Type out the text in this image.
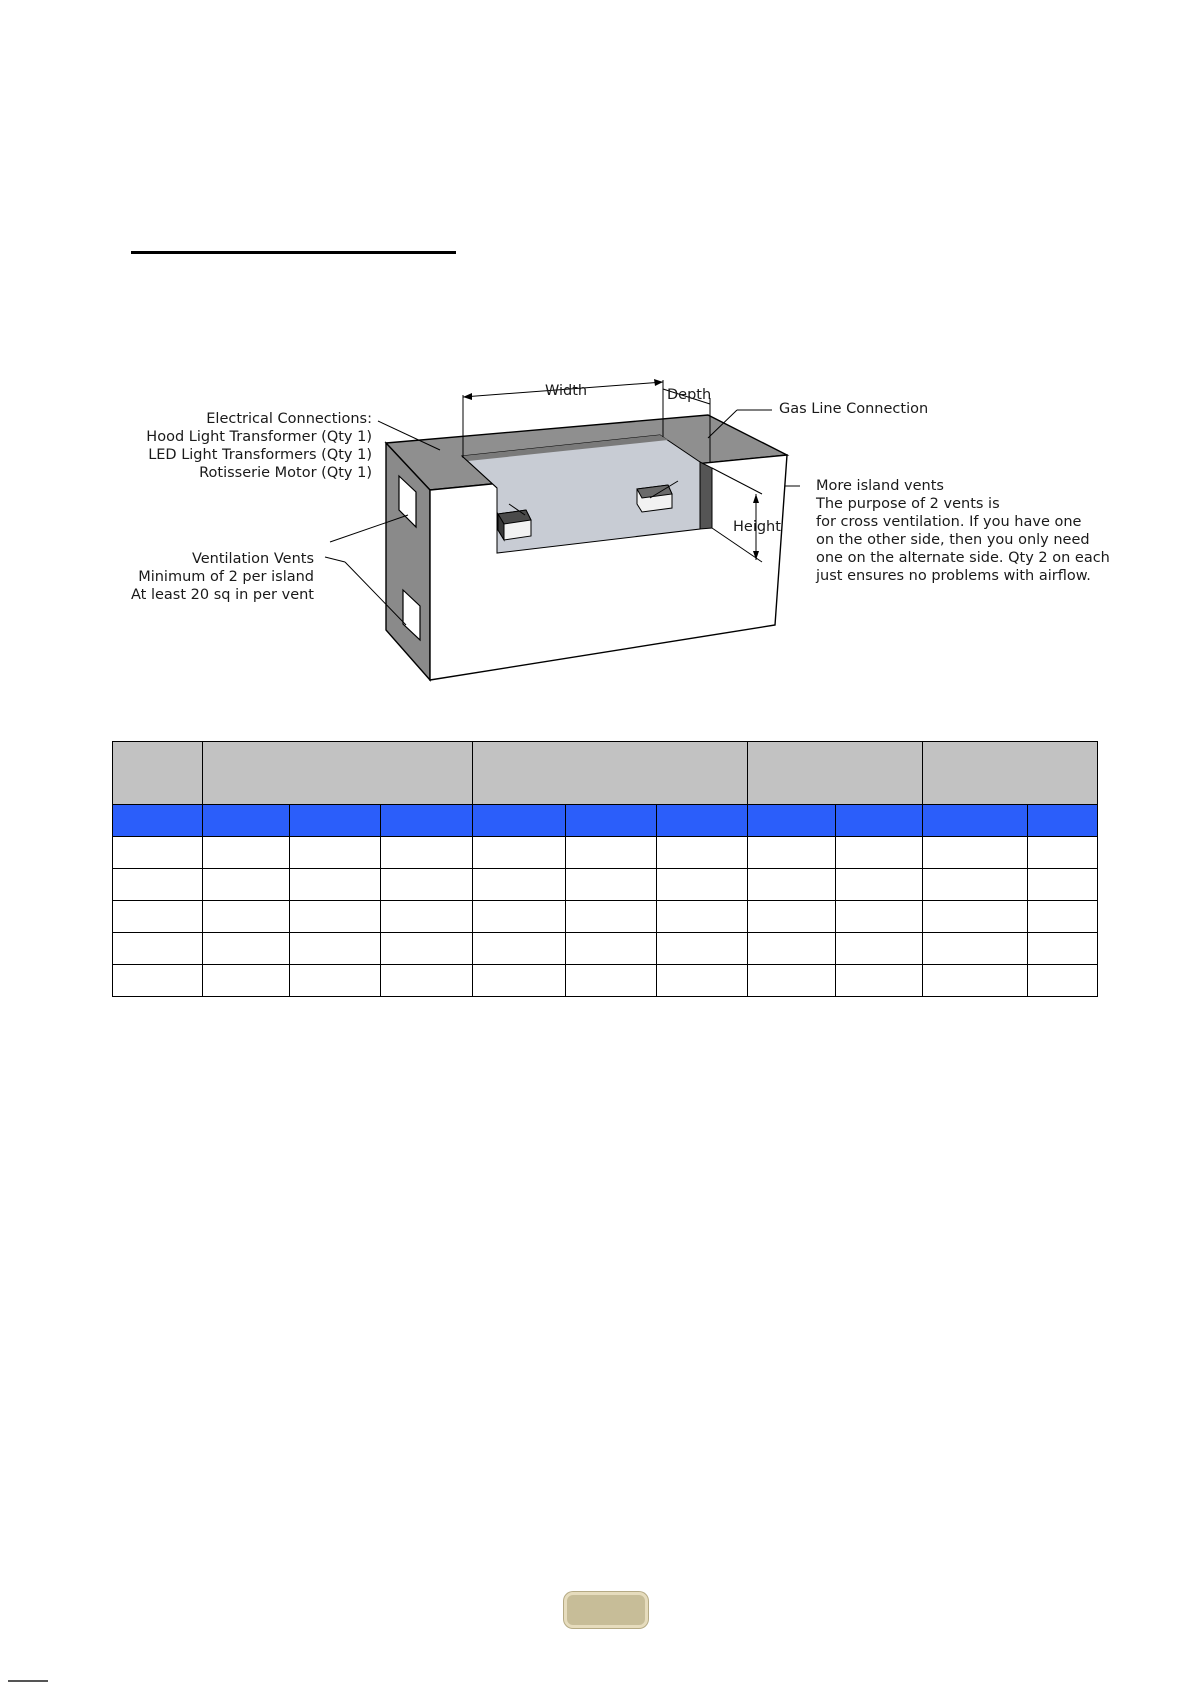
Width	Depth
Height
Gas Line Connection
Electrical Connections:
Hood Light Transformer (Qty 1)
LED Light Transformers (Qty 1)
Rotisserie Motor (Qty 1)
Ventilation Vents
Minimum of 2 per island
At least 20 sq in per vent
More island vents
The purpose of 2 vents is
for cross ventilation. If you have one
on the other side, then you only need
one on the alternate side. Qty 2 on each
just ensures no problems with airflow.
